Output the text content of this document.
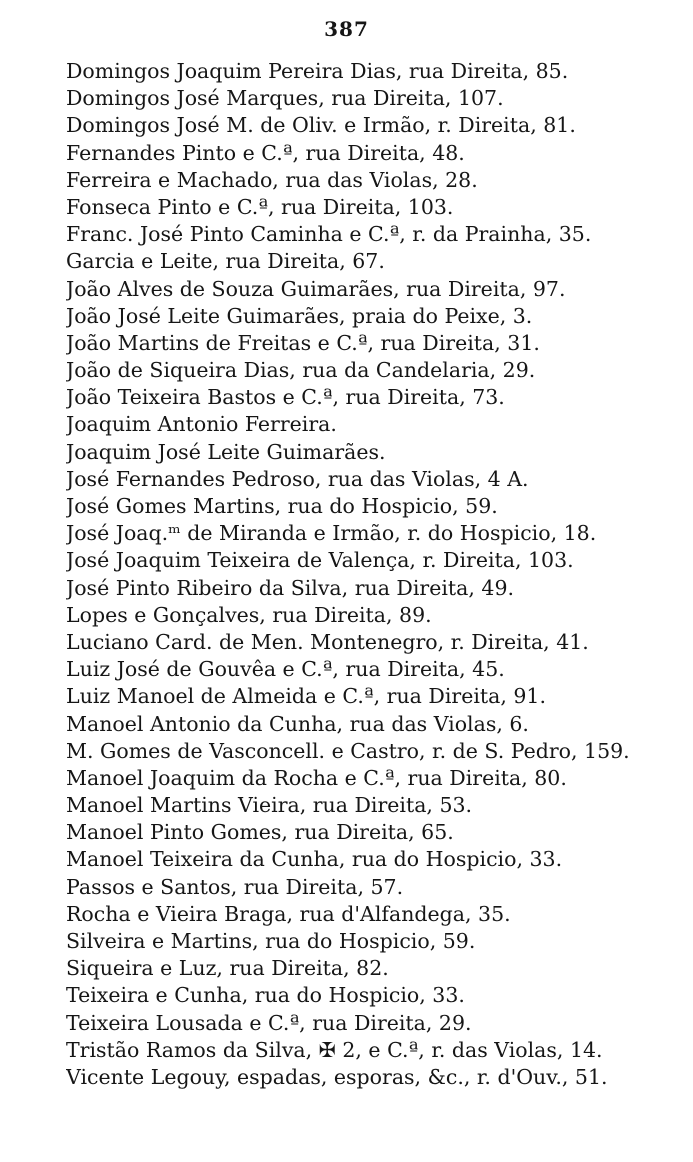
387
Domingos Joaquim Pereira Dias, rua Direita, 85.
Domingos José Marques, rua Direita, 107.
Domingos José M. de Oliv. e Irmão, r. Direita, 81.
Fernandes Pinto e C.ª, rua Direita, 48.
Ferreira e Machado, rua das Violas, 28.
Fonseca Pinto e C.ª, rua Direita, 103.
Franc. José Pinto Caminha e C.ª, r. da Prainha, 35.
Garcia e Leite, rua Direita, 67.
João Alves de Souza Guimarães, rua Direita, 97.
João José Leite Guimarães, praia do Peixe, 3.
João Martins de Freitas e C.ª, rua Direita, 31.
João de Siqueira Dias, rua da Candelaria, 29.
João Teixeira Bastos e C.ª, rua Direita, 73.
Joaquim Antonio Ferreira.
Joaquim José Leite Guimarães.
José Fernandes Pedroso, rua das Violas, 4 A.
José Gomes Martins, rua do Hospicio, 59.
José Joaq.ᵐ de Miranda e Irmão, r. do Hospicio, 18.
José Joaquim Teixeira de Valença, r. Direita, 103.
José Pinto Ribeiro da Silva, rua Direita, 49.
Lopes e Gonçalves, rua Direita, 89.
Luciano Card. de Men. Montenegro, r. Direita, 41.
Luiz José de Gouvêa e C.ª, rua Direita, 45.
Luiz Manoel de Almeida e C.ª, rua Direita, 91.
Manoel Antonio da Cunha, rua das Violas, 6.
M. Gomes de Vasconcell. e Castro, r. de S. Pedro, 159.
Manoel Joaquim da Rocha e C.ª, rua Direita, 80.
Manoel Martins Vieira, rua Direita, 53.
Manoel Pinto Gomes, rua Direita, 65.
Manoel Teixeira da Cunha, rua do Hospicio, 33.
Passos e Santos, rua Direita, 57.
Rocha e Vieira Braga, rua d'Alfandega, 35.
Silveira e Martins, rua do Hospicio, 59.
Siqueira e Luz, rua Direita, 82.
Teixeira e Cunha, rua do Hospicio, 33.
Teixeira Lousada e C.ª, rua Direita, 29.
Tristão Ramos da Silva, ✠ 2, e C.ª, r. das Violas, 14.
Vicente Legouy, espadas, esporas, &c., r. d'Ouv., 51.
